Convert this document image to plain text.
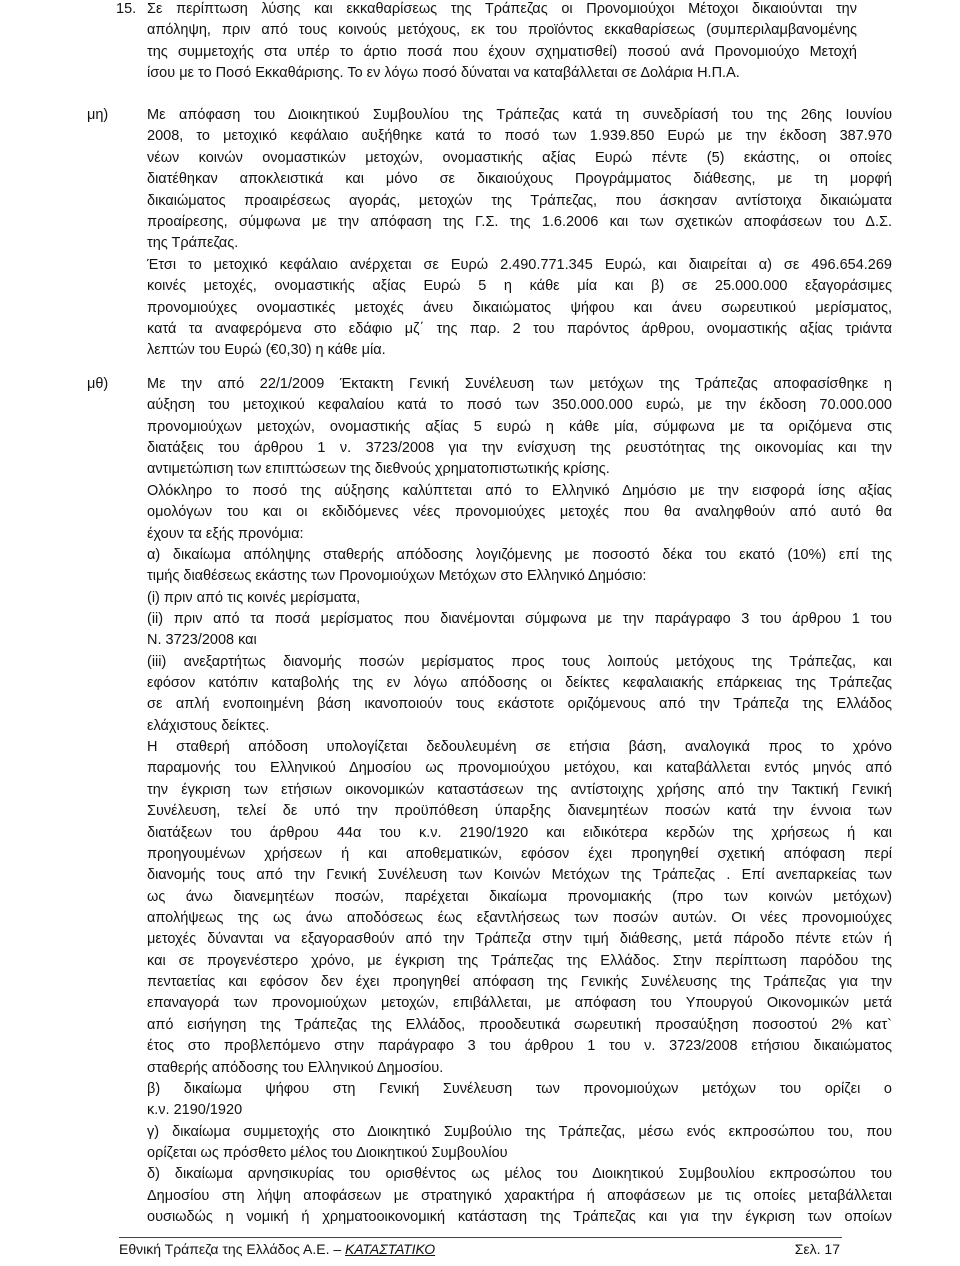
15. Σε περίπτωση λύσης και εκκαθαρίσεως της Τράπεζας οι Προνομιούχοι Μέτοχοι δικαιούνται την
απόληψη, πριν από τους κοινούς μετόχους, εκ του προϊόντος εκκαθαρίσεως (συμπεριλαμβανομένης
της συμμετοχής στα υπέρ το άρτιο ποσά που έχουν σχηματισθεί) ποσού ανά Προνομιούχο Μετοχή
ίσου με το Ποσό Εκκαθάρισης. Το εν λόγω ποσό δύναται να καταβάλλεται σε Δολάρια Η.Π.Α.
μη)	Με απόφαση του Διοικητικού Συμβουλίου της Τράπεζας κατά τη συνεδρίασή του της 26ης Ιουνίου
2008, το μετοχικό κεφάλαιο αυξήθηκε κατά το ποσό των 1.939.850 Ευρώ με την έκδοση 387.970
νέων κοινών ονομαστικών μετοχών, ονομαστικής αξίας Ευρώ πέντε (5) εκάστης, οι οποίες
διατέθηκαν αποκλειστικά και μόνο σε δικαιούχους Προγράμματος διάθεσης, με τη μορφή
δικαιώματος προαιρέσεως αγοράς, μετοχών της Τράπεζας, που άσκησαν αντίστοιχα δικαιώματα
προαίρεσης, σύμφωνα με την απόφαση της Γ.Σ. της 1.6.2006 και των σχετικών αποφάσεων του Δ.Σ.
της Τράπεζας.
Έτσι το μετοχικό κεφάλαιο ανέρχεται σε Ευρώ 2.490.771.345 Ευρώ, και διαιρείται α) σε 496.654.269
κοινές μετοχές, ονομαστικής αξίας Ευρώ 5 η κάθε μία και β) σε 25.000.000 εξαγοράσιμες
προνομιούχες ονομαστικές μετοχές άνευ δικαιώματος ψήφου και άνευ σωρευτικού μερίσματος,
κατά τα αναφερόμενα στο εδάφιο μζ΄ της παρ. 2 του παρόντος άρθρου, ονομαστικής αξίας τριάντα
λεπτών του Ευρώ (€0,30) η κάθε μία.
μθ)	Με την από 22/1/2009 Έκτακτη Γενική Συνέλευση των μετόχων της Τράπεζας αποφασίσθηκε η
αύξηση του μετοχικού κεφαλαίου κατά το ποσό των 350.000.000 ευρώ, με την έκδοση 70.000.000
προνομιούχων μετοχών, ονομαστικής αξίας 5 ευρώ η κάθε μία, σύμφωνα με τα οριζόμενα στις
διατάξεις του άρθρου 1 ν. 3723/2008 για την ενίσχυση της ρευστότητας της οικονομίας και την
αντιμετώπιση των επιπτώσεων της διεθνούς χρηματοπιστωτικής κρίσης.
Ολόκληρο το ποσό της αύξησης καλύπτεται από το Ελληνικό Δημόσιο με την εισφορά ίσης αξίας
ομολόγων του και οι εκδιδόμενες νέες προνομιούχες μετοχές που θα αναληφθούν από αυτό θα
έχουν τα εξής προνόμια:
α) δικαίωμα απόληψης σταθερής απόδοσης λογιζόμενης με ποσοστό δέκα του εκατό (10%) επί της
τιμής διαθέσεως εκάστης των Προνομιούχων Μετόχων στο Ελληνικό Δημόσιο:
(i) πριν από τις κοινές μερίσματα,
(ii) πριν από τα ποσά μερίσματος που διανέμονται σύμφωνα με την παράγραφο 3 του άρθρου 1 του
Ν. 3723/2008 και
(iii) ανεξαρτήτως διανομής ποσών μερίσματος προς τους λοιπούς μετόχους της Τράπεζας, και
εφόσον κατόπιν καταβολής της εν λόγω απόδοσης οι δείκτες κεφαλαιακής επάρκειας της Τράπεζας
σε απλή ενοποιημένη βάση ικανοποιούν τους εκάστοτε οριζόμενους από την Τράπεζα της Ελλάδος
ελάχιστους δείκτες.
Η σταθερή απόδοση υπολογίζεται δεδουλευμένη σε ετήσια βάση, αναλογικά προς το χρόνο
παραμονής του Ελληνικού Δημοσίου ως προνομιούχου μετόχου, και καταβάλλεται εντός μηνός από
την έγκριση των ετήσιων οικονομικών καταστάσεων της αντίστοιχης χρήσης από την Τακτική Γενική
Συνέλευση, τελεί δε υπό την προϋπόθεση ύπαρξης διανεμητέων ποσών κατά την έννοια των
διατάξεων του άρθρου 44α του κ.ν. 2190/1920 και ειδικότερα κερδών της χρήσεως ή και
προηγουμένων χρήσεων ή και αποθεματικών, εφόσον έχει προηγηθεί σχετική απόφαση περί
διανομής τους από την Γενική Συνέλευση των Κοινών Μετόχων της Τράπεζας . Επί ανεπαρκείας των
ως άνω διανεμητέων ποσών, παρέχεται δικαίωμα προνομιακής (προ των κοινών μετόχων)
απολήψεως της ως άνω αποδόσεως έως εξαντλήσεως των ποσών αυτών. Οι νέες προνομιούχες
μετοχές δύνανται να εξαγορασθούν από την Τράπεζα στην τιμή διάθεσης, μετά πάροδο πέντε ετών ή
και σε προγενέστερο χρόνο, με έγκριση της Τράπεζας της Ελλάδος. Στην περίπτωση παρόδου της
πενταετίας και εφόσον δεν έχει προηγηθεί απόφαση της Γενικής Συνέλευσης της Τράπεζας για την
επαναγορά των προνομιούχων μετοχών, επιβάλλεται, με απόφαση του Υπουργού Οικονομικών μετά
από εισήγηση της Τράπεζας της Ελλάδος, προοδευτικά σωρευτική προσαύξηση ποσοστού 2% κατ`
έτος στο προβλεπόμενο στην παράγραφο 3 του άρθρου 1 του ν. 3723/2008 ετήσιου δικαιώματος
σταθερής απόδοσης του Ελληνικού Δημοσίου.
β) δικαίωμα ψήφου στη Γενική Συνέλευση των προνομιούχων μετόχων του ορίζει ο
κ.ν. 2190/1920
γ) δικαίωμα συμμετοχής στο Διοικητικό Συμβούλιο της Τράπεζας, μέσω ενός εκπροσώπου του, που
ορίζεται ως πρόσθετο μέλος του Διοικητικού Συμβουλίου
δ) δικαίωμα αρνησικυρίας του ορισθέντος ως μέλος του Διοικητικού Συμβουλίου εκπροσώπου του
Δημοσίου στη λήψη αποφάσεων με στρατηγικό χαρακτήρα ή αποφάσεων με τις οποίες μεταβάλλεται
ουσιωδώς η νομική ή χρηματοοικονομική κατάσταση της Τράπεζας και για την έγκριση των οποίων
Εθνική Τράπεζα της Ελλάδος Α.Ε. – ΚΑΤΑΣΤΑΤΙΚΟ	Σελ. 17
